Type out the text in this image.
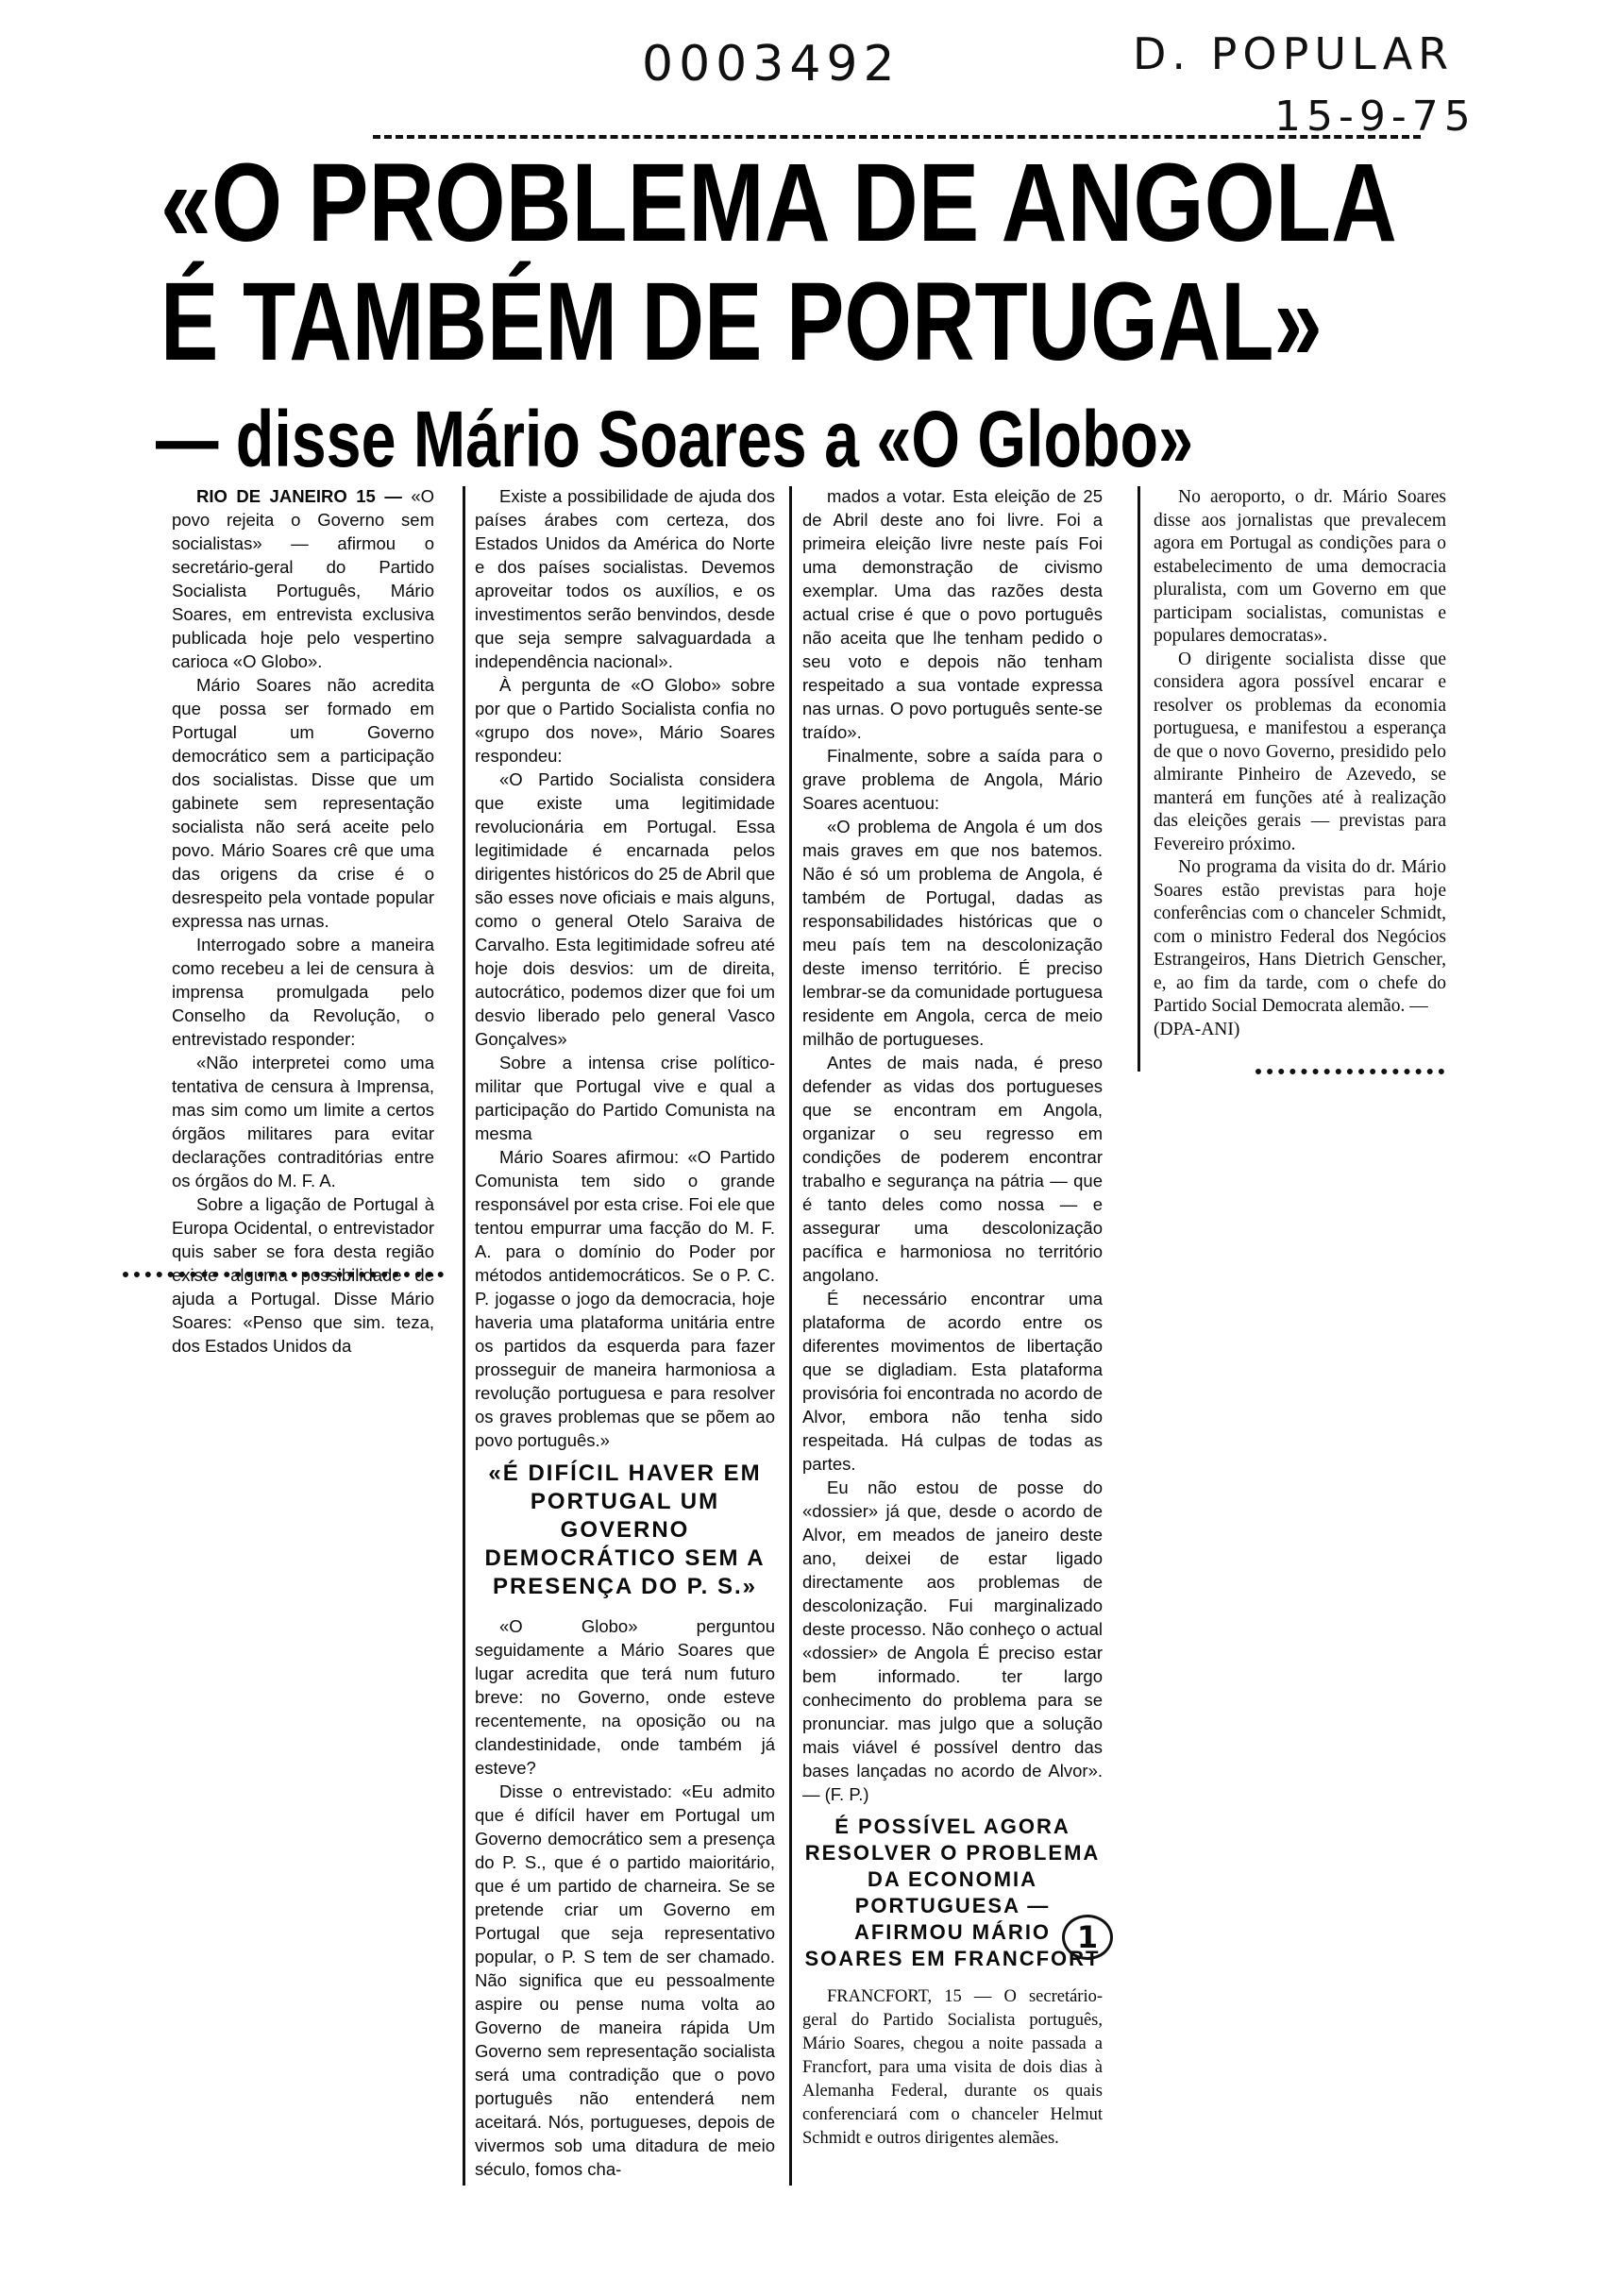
0003492	D. POPULAR
15-9-75
«O PROBLEMA DE ANGOLA
É TAMBÉM DE PORTUGAL»
— disse Mário Soares a «O Globo»

RIO DE JANEIRO 15 — «O povo rejeita o Governo sem socialistas» — afirmou o secretário-geral do Partido Socialista Português, Mário Soares, em entrevista exclusiva publicada hoje pelo vespertino carioca «O Globo».

Mário Soares não acredita que possa ser formado em Portugal um Governo democrático sem a participação dos socialistas. Disse que um gabinete sem representação socialista não será aceite pelo povo. Mário Soares crê que uma das origens da crise é o desrespeito pela vontade popular expressa nas urnas.

Interrogado sobre a maneira como recebeu a lei de censura à imprensa promulgada pelo Conselho da Revolução, o entrevistado responder:

«Não interpretei como uma tentativa de censura à Imprensa, mas sim como um limite a certos órgãos militares para evitar declarações contraditórias entre os órgãos do M. F. A.

Sobre a ligação de Portugal à Europa Ocidental, o entrevistador quis saber se fora desta região existe alguma possibilidade de ajuda a Portugal. Disse Mário Soares: «Penso que sim. teza, dos Estados Unidos da

Existe a possibilidade de ajuda dos países árabes com certeza, dos Estados Unidos da América do Norte e dos países socialistas. Devemos aproveitar todos os auxílios, e os investimentos serão benvindos, desde que seja sempre salvaguardada a independência nacional».

À pergunta de «O Globo» sobre por que o Partido Socialista confia no «grupo dos nove», Mário Soares respondeu:

«O Partido Socialista considera que existe uma legitimidade revolucionária em Portugal. Essa legitimidade é encarnada pelos dirigentes históricos do 25 de Abril que são esses nove oficiais e mais alguns, como o general Otelo Saraiva de Carvalho. Esta legitimidade sofreu até hoje dois desvios: um de direita, autocrático, podemos dizer que foi um desvio liberado pelo general Vasco Gonçalves»

Sobre a intensa crise político-militar que Portugal vive e qual a participação do Partido Comunista na mesma

Mário Soares afirmou: «O Partido Comunista tem sido o grande responsável por esta crise. Foi ele que tentou empurrar uma facção do M. F. A. para o domínio do Poder por métodos antidemocráticos. Se o P. C. P. jogasse o jogo da democracia, hoje haveria uma plataforma unitária entre os partidos da esquerda para fazer prosseguir de maneira harmoniosa a revolução portuguesa e para resolver os graves problemas que se põem ao povo português.»

«É DIFÍCIL HAVER EM PORTUGAL UM GOVERNO DEMOCRÁTICO SEM A PRESENÇA DO P. S.»

«O Globo» perguntou seguidamente a Mário Soares que lugar acredita que terá num futuro breve: no Governo, onde esteve recentemente, na oposição ou na clandestinidade, onde também já esteve?

Disse o entrevistado: «Eu admito que é difícil haver em Portugal um Governo democrático sem a presença do P. S., que é o partido maioritário, que é um partido de charneira. Se se pretende criar um Governo em Portugal que seja representativo popular, o P. S tem de ser chamado. Não significa que eu pessoalmente aspire ou pense numa volta ao Governo de maneira rápida Um Governo sem representação socialista será uma contradição que o povo português não entenderá nem aceitará. Nós, portugueses, depois de vivermos sob uma ditadura de meio século, fomos cha-

mados a votar. Esta eleição de 25 de Abril deste ano foi livre. Foi a primeira eleição livre neste país Foi uma demonstração de civismo exemplar. Uma das razões desta actual crise é que o povo português não aceita que lhe tenham pedido o seu voto e depois não tenham respeitado a sua vontade expressa nas urnas. O povo português sente-se traído».

Finalmente, sobre a saída para o grave problema de Angola, Mário Soares acentuou:

«O problema de Angola é um dos mais graves em que nos batemos. Não é só um problema de Angola, é também de Portugal, dadas as responsabilidades históricas que o meu país tem na descolonização deste imenso território. É preciso lembrar-se da comunidade portuguesa residente em Angola, cerca de meio milhão de portugueses.

Antes de mais nada, é preso defender as vidas dos portugueses que se encontram em Angola, organizar o seu regresso em condições de poderem encontrar trabalho e segurança na pátria — que é tanto deles como nossa — e assegurar uma descolonização pacífica e harmoniosa no território angolano.

É necessário encontrar uma plataforma de acordo entre os diferentes movimentos de libertação que se digladiam. Esta plataforma provisória foi encontrada no acordo de Alvor, embora não tenha sido respeitada. Há culpas de todas as partes.

Eu não estou de posse do «dossier» já que, desde o acordo de Alvor, em meados de janeiro deste ano, deixei de estar ligado directamente aos problemas de descolonização. Fui marginalizado deste processo. Não conheço o actual «dossier» de Angola É preciso estar bem informado. ter largo conhecimento do problema para se pronunciar. mas julgo que a solução mais viável é possível dentro das bases lançadas no acordo de Alvor». — (F. P.)

É POSSÍVEL AGORA RESOLVER O PROBLEMA DA ECONOMIA PORTUGUESA — AFIRMOU MÁRIO SOARES EM FRANCFORT

FRANCFORT, 15 — O secretário-geral do Partido Socialista português, Mário Soares, chegou a noite passada a Francfort, para uma visita de dois dias à Alemanha Federal, durante os quais conferenciará com o chanceler Helmut Schmidt e outros dirigentes alemães.

1

No aeroporto, o dr. Mário Soares disse aos jornalistas que prevalecem agora em Portugal as condições para o estabelecimento de uma democracia pluralista, com um Governo em que participam socialistas, comunistas e populares democratas».

O dirigente socialista disse que considera agora possível encarar e resolver os problemas da economia portuguesa, e manifestou a esperança de que o novo Governo, presidido pelo almirante Pinheiro de Azevedo, se manterá em funções até à realização das eleições gerais — previstas para Fevereiro próximo.

No programa da visita do dr. Mário Soares estão previstas para hoje conferências com o chanceler Schmidt, com o ministro Federal dos Negócios Estrangeiros, Hans Dietrich Genscher, e, ao fim da tarde, com o chefe do Partido Social Democrata alemão. —

(DPA-ANI)
